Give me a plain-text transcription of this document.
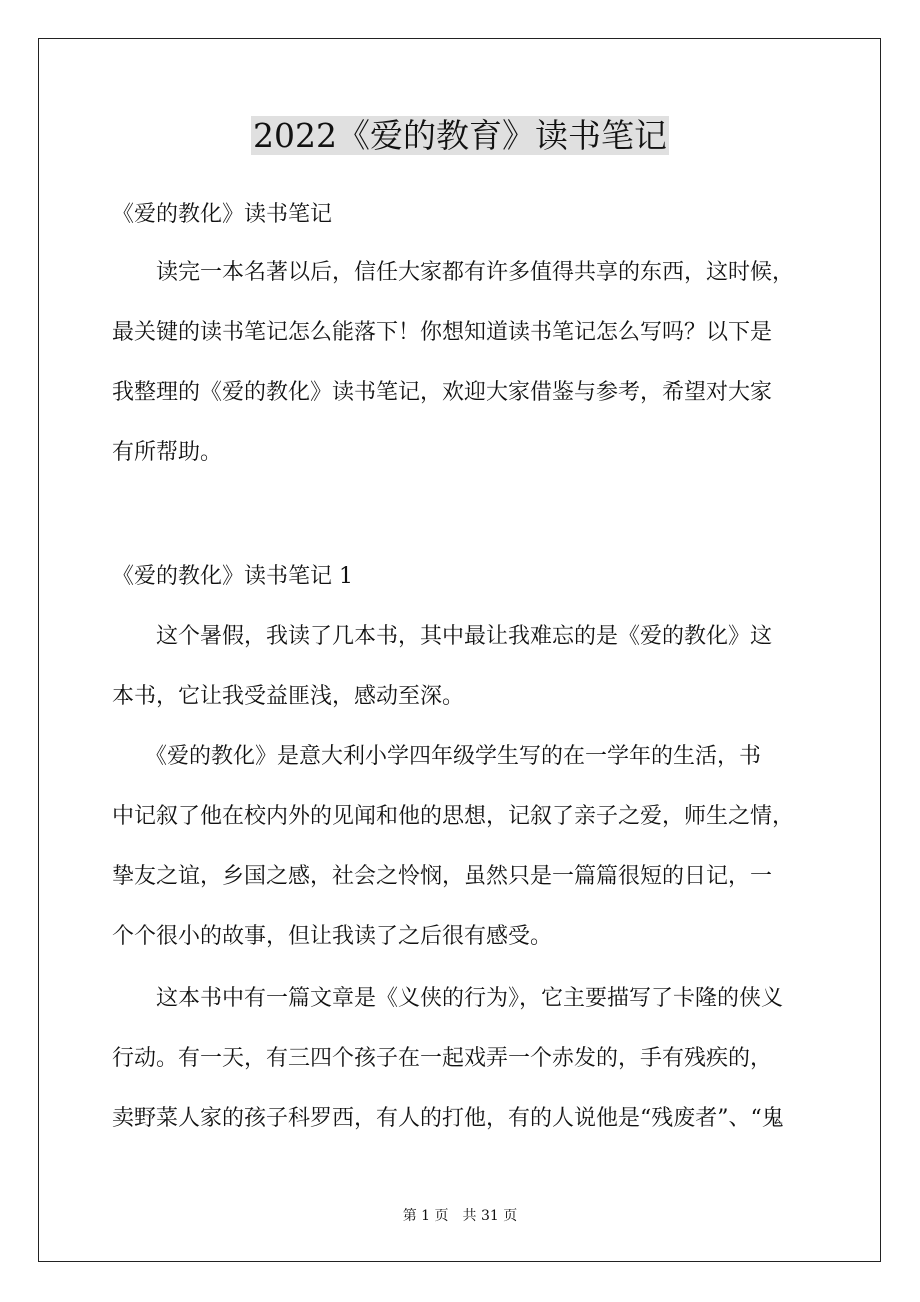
2022《爱的教育》读书笔记
《爱的教化》读书笔记
　　读完一本名著以后，信任大家都有许多值得共享的东西，这时候，
最关键的读书笔记怎么能落下！你想知道读书笔记怎么写吗？以下是
我整理的《爱的教化》读书笔记，欢迎大家借鉴与参考，希望对大家
有所帮助。
《爱的教化》读书笔记 1
　　这个暑假，我读了几本书，其中最让我难忘的是《爱的教化》这
本书，它让我受益匪浅，感动至深。
　　《爱的教化》是意大利小学四年级学生写的在一学年的生活，书
中记叙了他在校内外的见闻和他的思想，记叙了亲子之爱，师生之情，
挚友之谊，乡国之感，社会之怜悯，虽然只是一篇篇很短的日记，一
个个很小的故事，但让我读了之后很有感受。
　　这本书中有一篇文章是《义侠的行为》，它主要描写了卡隆的侠义
行动。有一天，有三四个孩子在一起戏弄一个赤发的，手有残疾的，
卖野菜人家的孩子科罗西，有人的打他，有的人说他是“残废者”、“鬼
第 1 页　共 31 页
